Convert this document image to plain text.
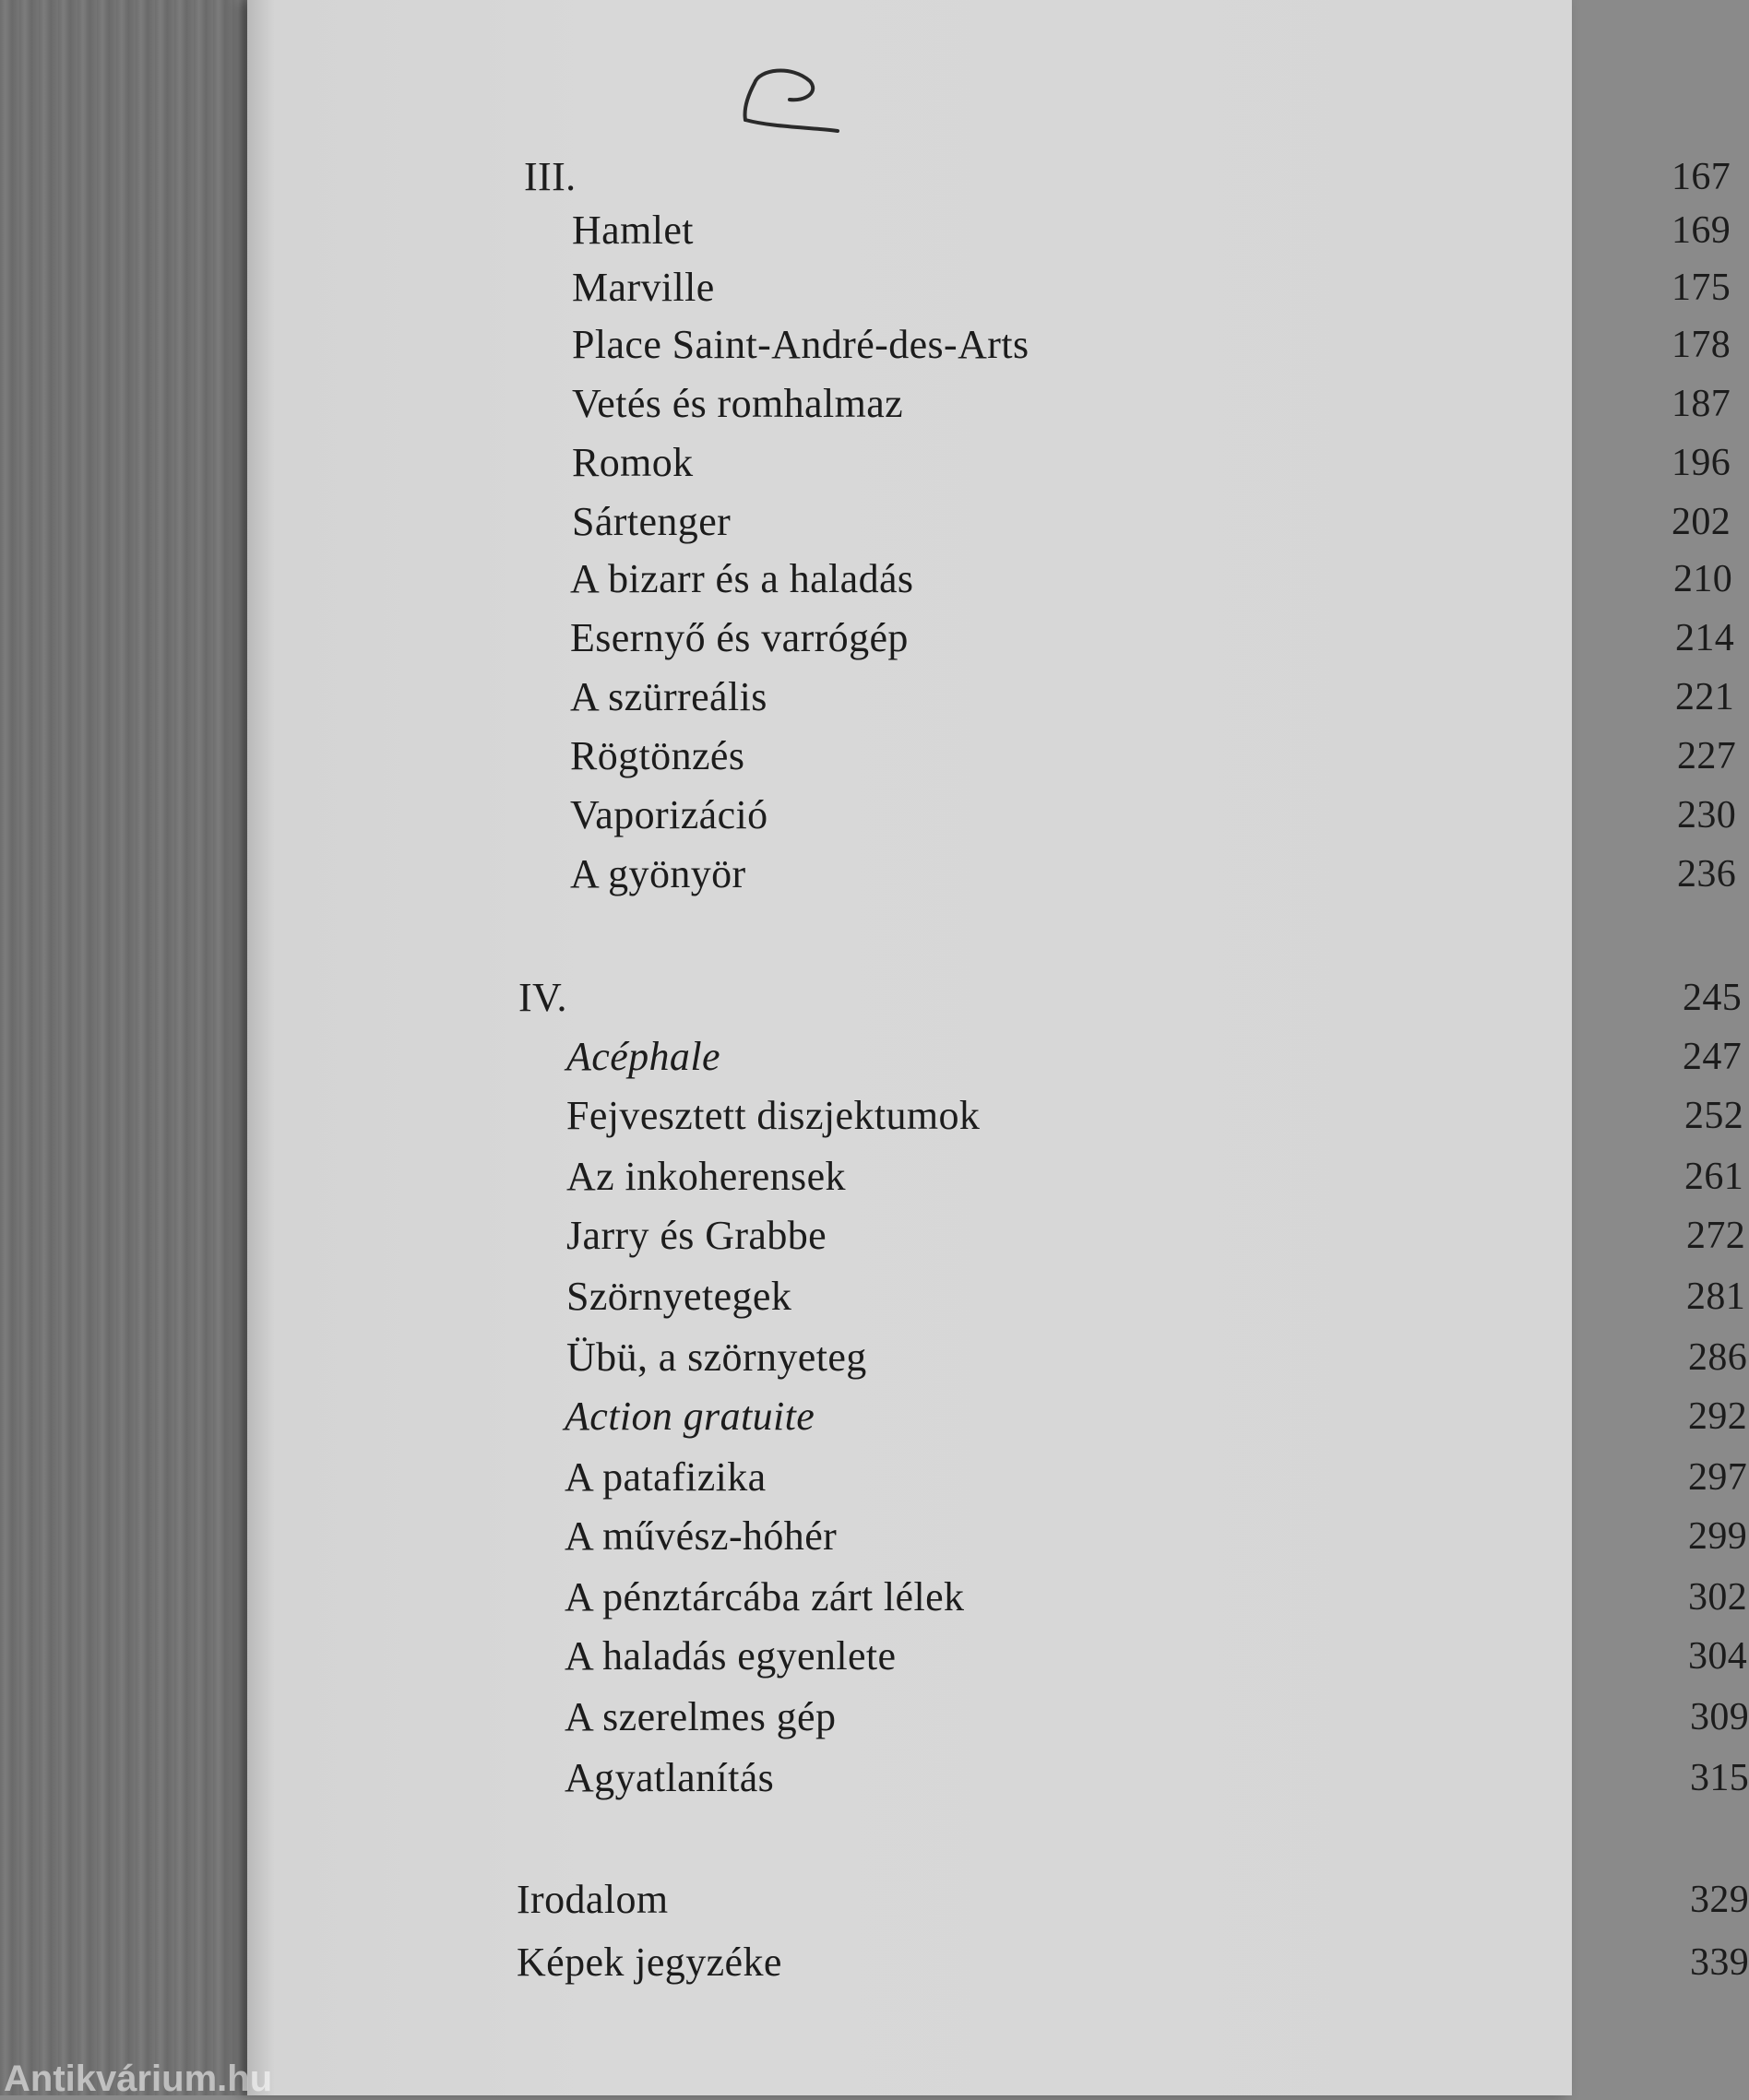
III.	167
Hamlet	169
Marville	175
Place Saint-André-des-Arts	178
Vetés és romhalmaz	187
Romok	196
Sártenger	202
A bizarr és a haladás	210
Esernyő és varrógép	214
A szürreális	221
Rögtönzés	227
Vaporizáció	230
A gyönyör	236
IV.	245
Acéphale	247
Fejvesztett diszjektumok	252
Az inkoherensek	261
Jarry és Grabbe	272
Szörnyetegek	281
Übü, a szörnyeteg	286
Action gratuite	292
A patafizika	297
A művész-hóhér	299
A pénztárcába zárt lélek	302
A haladás egyenlete	304
A szerelmes gép	309
Agyatlanítás	315
Irodalom	329
Képek jegyzéke	339
Antikvárium.hu
